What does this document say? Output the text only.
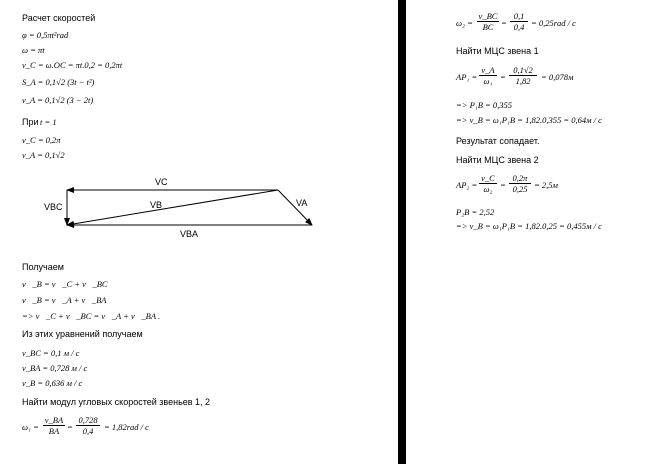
Расчет скоростей
φ = 0,5πt²rad
ω = πt
v_C = ω.OC = πt.0,2 = 0,2πt
S_A = 0,1√2 (3t − t²)
v_A = 0,1√2 (3 − 2t)
При t = 1
v_C = 0,2π
v_A = 0,1√2
VC
VBC	VB	VA
VBA
Получаем
v⃗_B = v⃗_C + v⃗_BC
v⃗_B = v⃗_A + v⃗_BA
=> v⃗_C + v⃗_BC = v⃗_A + v⃗_BA .
Из этих уравнений получаем
v_BC = 0,1 м / с
v_BA = 0,728 м / с
v_B = 0,636 м / с
Найти модул угловых скоростей звеньев 1, 2
$\omega_1 = \frac{v\_BA}{BA} = \frac{0,728}{0,4} = 1,82rad / c$
$\omega_2 = \frac{v\_BC}{BC} = \frac{0,1}{0,4} = 0,25rad / c$
Найти МЦС звена 1
$AP_1 = \frac{v\_A}{\text{ω₁}} = \frac{0,1√2}{1,82} = 0,078м$
=> P₁B = 0,355
=> v_B = ω₁P₁B = 1,82.0,355 = 0,64м / с
Результат сопадает.
Найти МЦС звена 2
$AP_2 = \frac{v\_C}{\text{ω₂}} = \frac{0,2\pi}{0,25} = 2,5м$
P₂B = 2,52
=> v_B = ω₁P₁B = 1,82.0,25 = 0,455м / с
